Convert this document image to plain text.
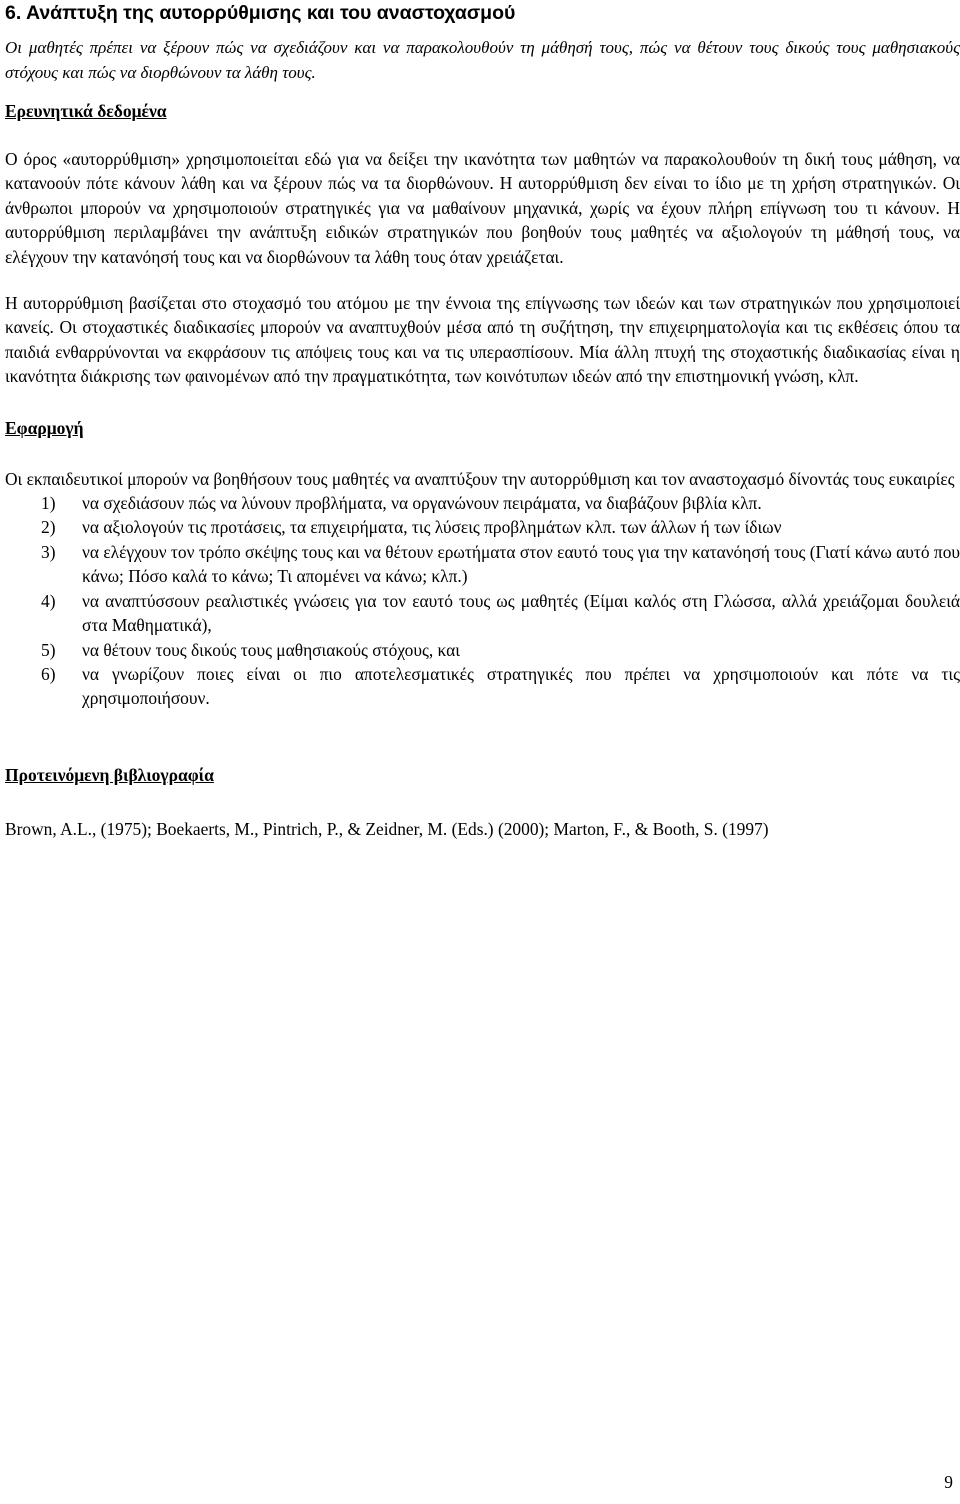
6. Ανάπτυξη της αυτορρύθμισης και του αναστοχασμού

Οι μαθητές πρέπει να ξέρουν πώς να σχεδιάζουν και να παρακολουθούν τη μάθησή τους, πώς να θέτουν τους δικούς τους μαθησιακούς στόχους και πώς να διορθώνουν τα λάθη τους.

Ερευνητικά δεδομένα

Ο όρος «αυτορρύθμιση» χρησιμοποιείται εδώ για να δείξει την ικανότητα των μαθητών να παρακολουθούν τη δική τους μάθηση, να κατανοούν πότε κάνουν λάθη και να ξέρουν πώς να τα διορθώνουν. Η αυτορρύθμιση δεν είναι το ίδιο με τη χρήση στρατηγικών. Οι άνθρωποι μπορούν να χρησιμοποιούν στρατηγικές για να μαθαίνουν μηχανικά, χωρίς να έχουν πλήρη επίγνωση του τι κάνουν. Η αυτορρύθμιση περιλαμβάνει την ανάπτυξη ειδικών στρατηγικών που βοηθούν τους μαθητές να αξιολογούν τη μάθησή τους, να ελέγχουν την κατανόησή τους και να διορθώνουν τα λάθη τους όταν χρειάζεται.

Η αυτορρύθμιση βασίζεται στο στοχασμό του ατόμου με την έννοια της επίγνωσης των ιδεών και των στρατηγικών που χρησιμοποιεί κανείς. Οι στοχαστικές διαδικασίες μπορούν να αναπτυχθούν μέσα από τη συζήτηση, την επιχειρηματολογία και τις εκθέσεις όπου τα παιδιά ενθαρρύνονται να εκφράσουν τις απόψεις τους και να τις υπερασπίσουν. Μία άλλη πτυχή της στοχαστικής διαδικασίας είναι η ικανότητα διάκρισης των φαινομένων από την πραγματικότητα, των κοινότυπων ιδεών από την επιστημονική γνώση, κλπ.

Εφαρμογή

Οι εκπαιδευτικοί μπορούν να βοηθήσουν τους μαθητές να αναπτύξουν την αυτορρύθμιση και τον αναστοχασμό δίνοντάς τους ευκαιρίες

1) να σχεδιάσουν πώς να λύνουν προβλήματα, να οργανώνουν πειράματα, να διαβάζουν βιβλία κλπ.
2) να αξιολογούν τις προτάσεις, τα επιχειρήματα, τις λύσεις προβλημάτων κλπ. των άλλων ή των ίδιων
3) να ελέγχουν τον τρόπο σκέψης τους και να θέτουν ερωτήματα στον εαυτό τους για την κατανόησή τους (Γιατί κάνω αυτό που κάνω; Πόσο καλά το κάνω; Τι απομένει να κάνω; κλπ.)
4) να αναπτύσσουν ρεαλιστικές γνώσεις για τον εαυτό τους ως μαθητές (Είμαι καλός στη Γλώσσα, αλλά χρειάζομαι δουλειά στα Μαθηματικά),
5) να θέτουν τους δικούς τους μαθησιακούς στόχους, και
6) να γνωρίζουν ποιες είναι οι πιο αποτελεσματικές στρατηγικές που πρέπει να χρησιμοποιούν και πότε να τις χρησιμοποιήσουν.
Προτεινόμενη βιβλιογραφία

Brown, A.L., (1975); Boekaerts, M., Pintrich, P., & Zeidner, M. (Eds.) (2000); Marton, F., & Booth, S. (1997)

9
